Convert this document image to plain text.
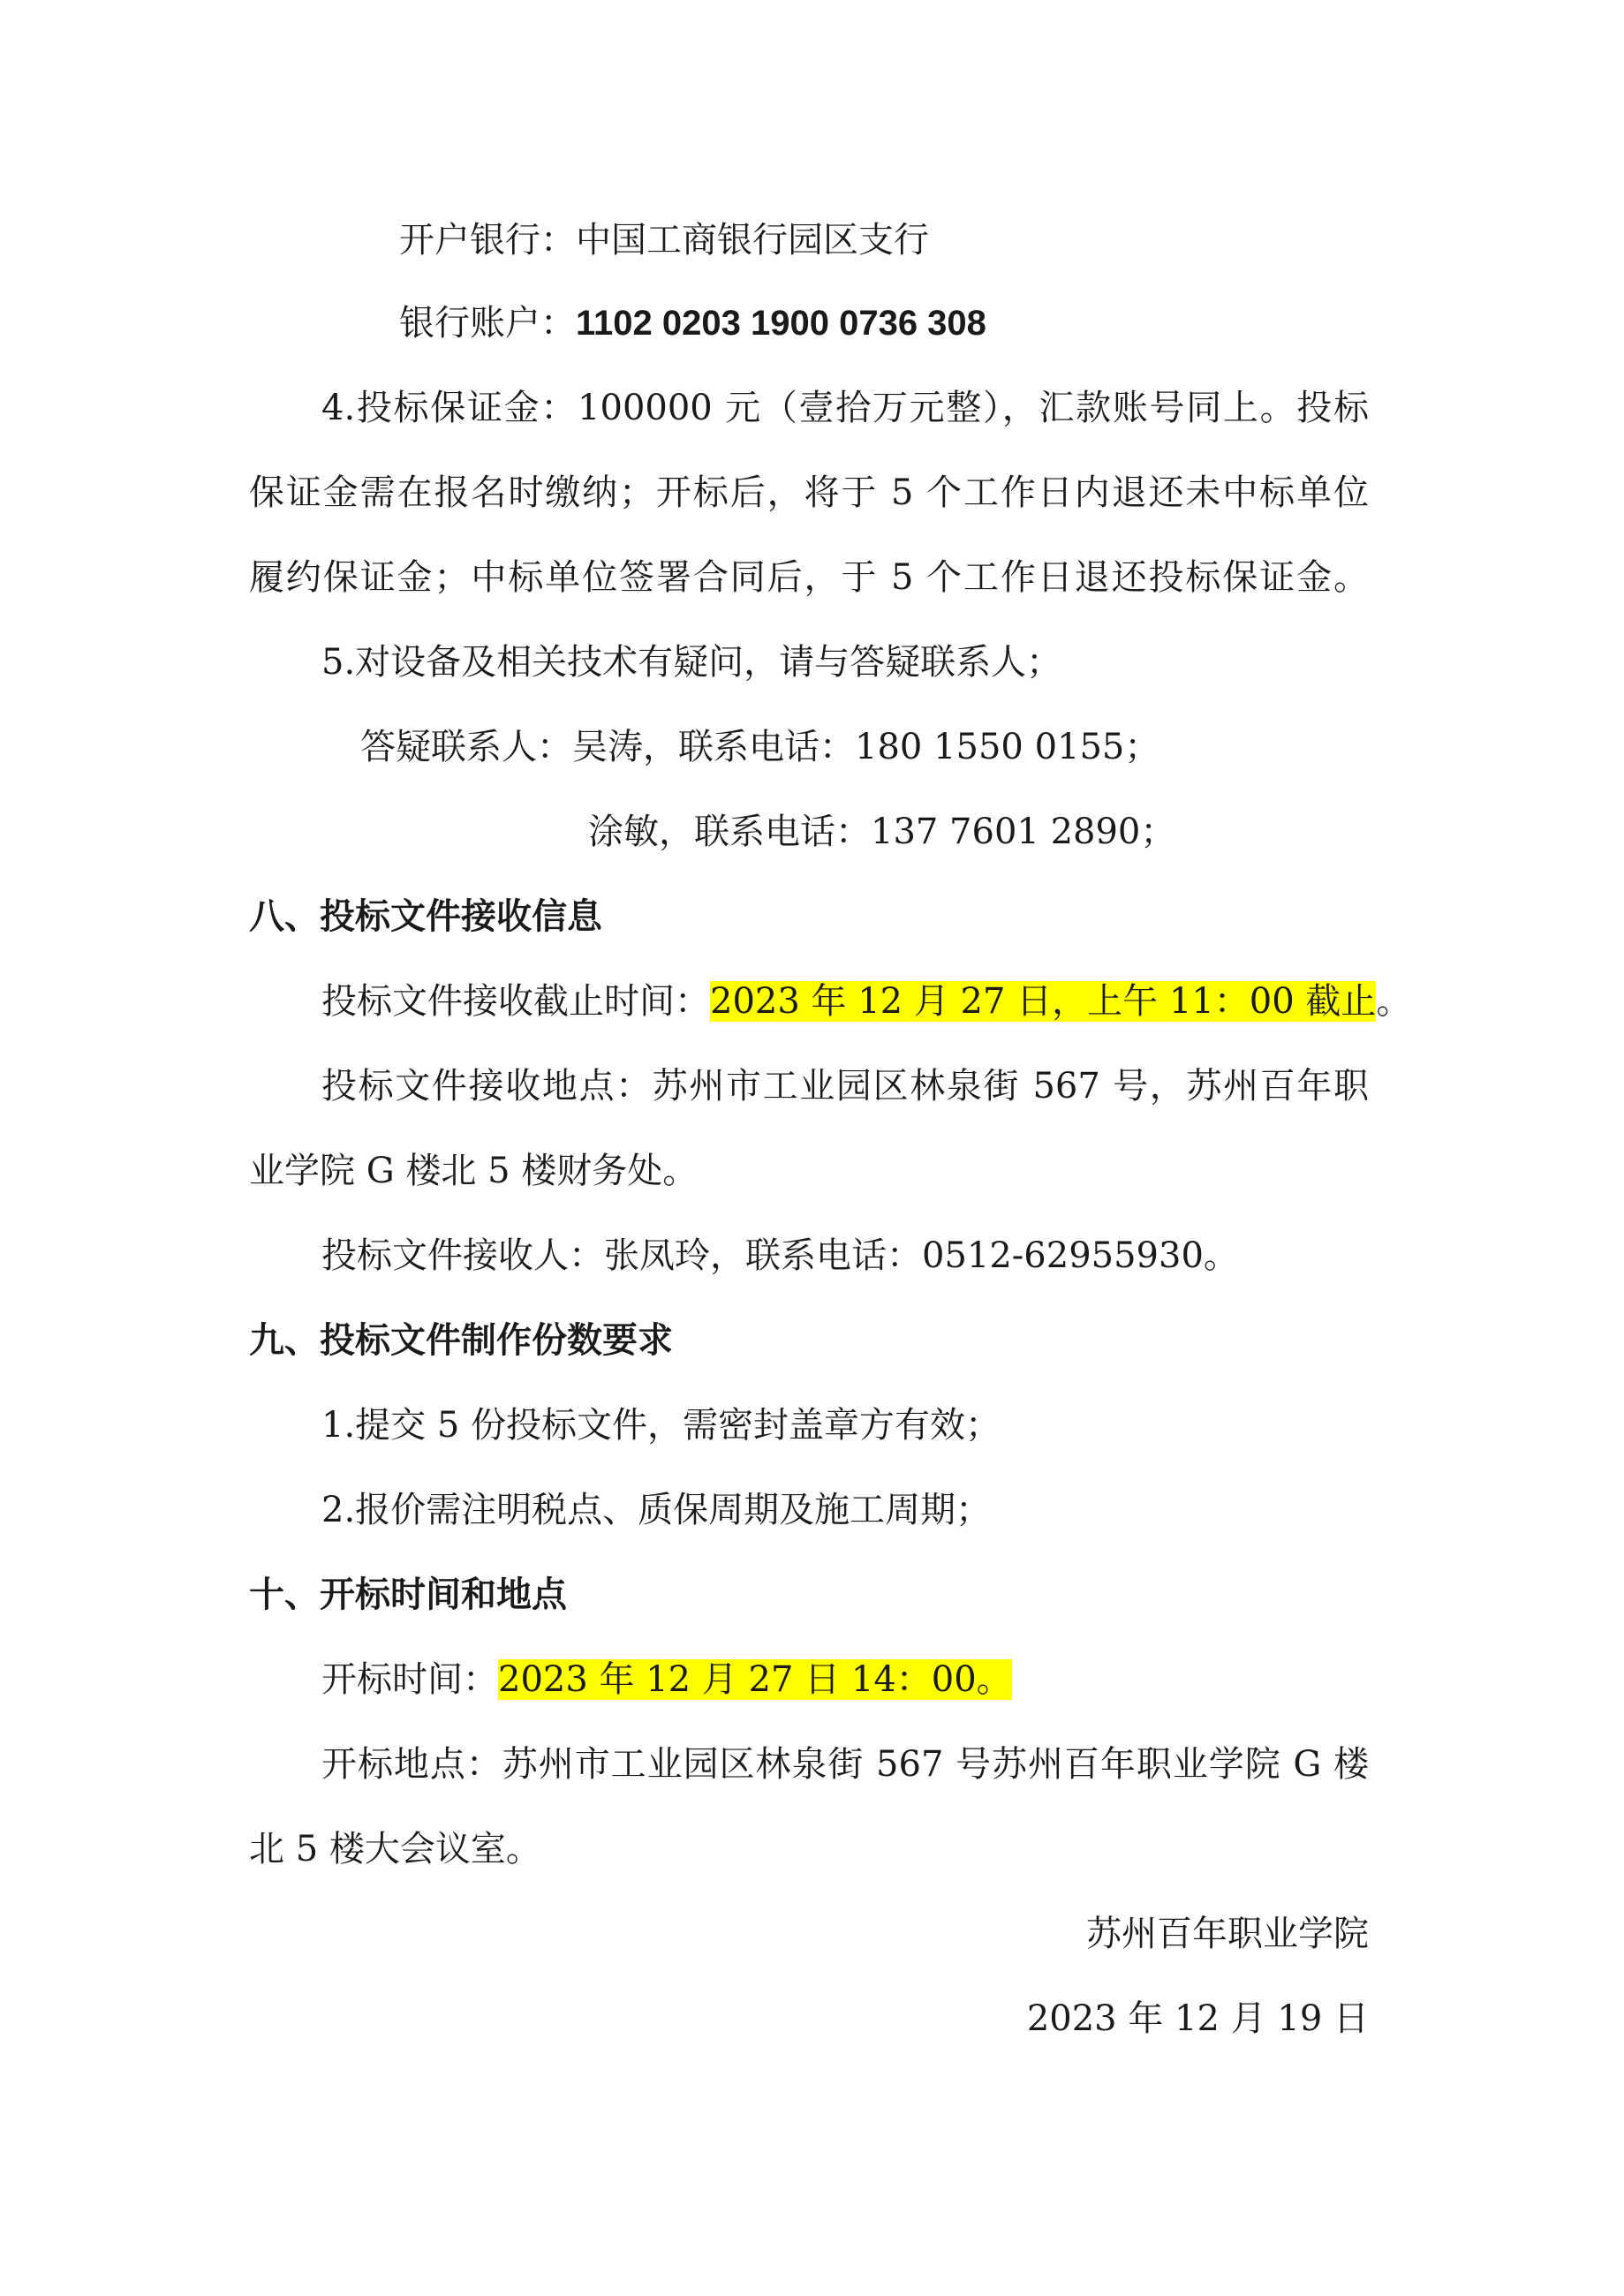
开户银行：中国工商银行园区支行
银行账户：1102 0203 1900 0736 308
4.投标保证金：100000 元（壹拾万元整），汇款账号同上。投标
保证金需在报名时缴纳；开标后，将于 5 个工作日内退还未中标单位
履约保证金；中标单位签署合同后，于 5 个工作日退还投标保证金。
5.对设备及相关技术有疑问，请与答疑联系人；
答疑联系人：吴涛，联系电话：180 1550 0155；
涂敏，联系电话：137 7601 2890；
八、投标文件接收信息
投标文件接收截止时间：2023 年 12 月 27 日，上午 11：00 截止。
投标文件接收地点：苏州市工业园区林泉街 567 号，苏州百年职
业学院 G 楼北 5 楼财务处。
投标文件接收人：张凤玲，联系电话：0512-62955930。
九、投标文件制作份数要求
1.提交 5 份投标文件，需密封盖章方有效；
2.报价需注明税点、质保周期及施工周期；
十、开标时间和地点
开标时间：2023 年 12 月 27 日 14：00。
开标地点：苏州市工业园区林泉街 567 号苏州百年职业学院 G 楼
北 5 楼大会议室。
苏州百年职业学院
2023 年 12 月 19 日
